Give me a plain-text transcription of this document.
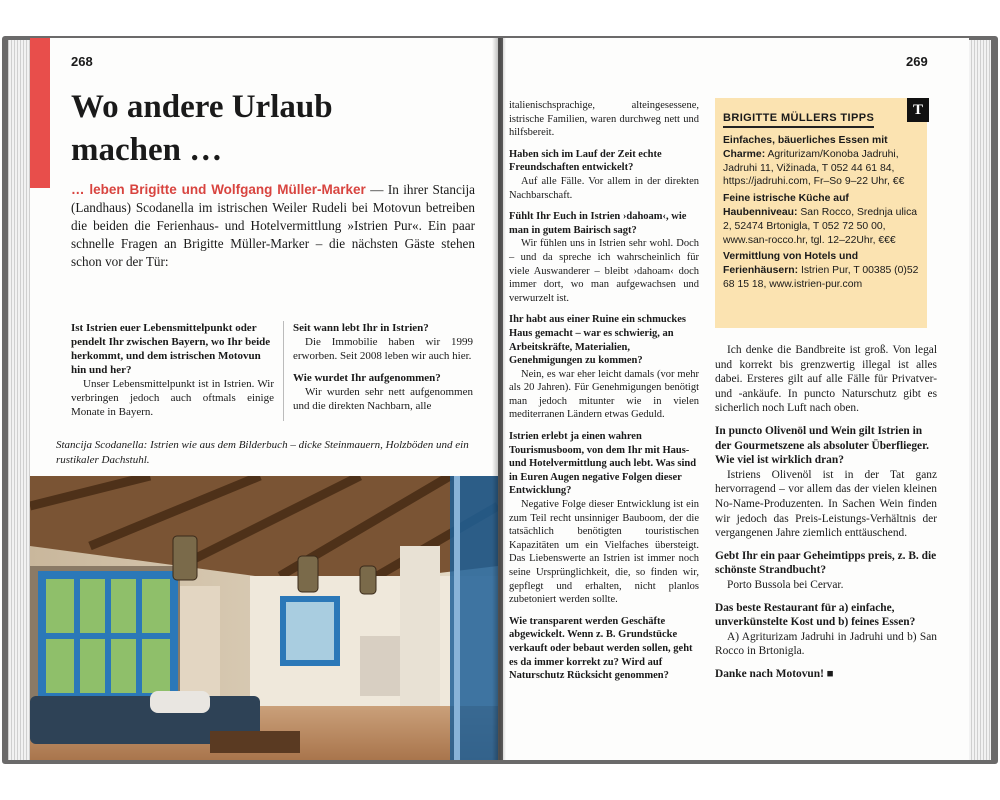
268
Wo andere Urlaub
machen …

… leben Brigitte und Wolfgang Müller-Marker — In ihrer Stancija (Landhaus) Scodanella im istrischen Weiler Rudeli bei Motovun betreiben die beiden die Ferienhaus- und Hotelvermittlung »Istrien Pur«. Ein paar schnelle Fragen an Brigitte Müller-Marker – die nächsten Gäste stehen schon vor der Tür:

Ist Istrien euer Lebensmittelpunkt oder pendelt Ihr zwischen Bayern, wo Ihr beide herkommt, und dem istrischen Motovun hin und her?

Unser Lebensmittelpunkt ist in Istrien. Wir verbringen jedoch auch oftmals einige Monate in Bayern.

Seit wann lebt Ihr in Istrien?

Die Immobilie haben wir 1999 erworben. Seit 2008 leben wir auch hier.

Wie wurdet Ihr aufgenommen?

Wir wurden sehr nett aufgenommen und die direkten Nachbarn, alle

Stancija Scodanella: Istrien wie aus dem Bilderbuch – dicke Steinmauern, Holzböden und ein rustikaler Dachstuhl.

269

italienischsprachige, alteingesessene, istrische Familien, waren durchweg nett und hilfsbereit.

Haben sich im Lauf der Zeit echte Freundschaften entwickelt?

Auf alle Fälle. Vor allem in der direkten Nachbarschaft.

Fühlt Ihr Euch in Istrien ›dahoam‹, wie man in gutem Bairisch sagt?

Wir fühlen uns in Istrien sehr wohl. Doch – und da spreche ich wahrscheinlich für viele Auswanderer – bleibt ›dahoam‹ doch immer dort, wo man aufgewachsen und verwurzelt ist.

Ihr habt aus einer Ruine ein schmuckes Haus gemacht – war es schwierig, an Arbeitskräfte, Materialien, Genehmigungen zu kommen?

Nein, es war eher leicht damals (vor mehr als 20 Jahren). Für Genehmigungen benötigt man jedoch mitunter wie in vielen mediterranen Ländern etwas Geduld.

Istrien erlebt ja einen wahren Tourismusboom, von dem Ihr mit Haus- und Hotelvermittlung auch lebt. Was sind in Euren Augen negative Folgen dieser Entwicklung?

Negative Folge dieser Entwicklung ist ein zum Teil recht unsinniger Bauboom, der die tatsächlich benötigten touristischen Kapazitäten um ein Vielfaches übersteigt. Das Liebenswerte an Istrien ist immer noch seine Ursprünglichkeit, die, so finden wir, gepflegt und erhalten, nicht planlos zubetoniert werden sollte.

Wie transparent werden Geschäfte abgewickelt. Wenn z. B. Grundstücke verkauft oder bebaut werden sollen, geht es da immer korrekt zu? Wird auf Naturschutz Rücksicht genommen?

T
BRIGITTE MÜLLERS TIPPS

Einfaches, bäuerliches Essen mit Charme: Agriturizam/Konoba Jadruhi, Jadruhi 11, Vižinada, T 052 44 61 84, https://jadruhi.com, Fr–So 9–22 Uhr, €€

Feine istrische Küche auf Haubenniveau: San Rocco, Srednja ulica 2, 52474 Brtonigla, T 052 72 50 00, www.san-rocco.hr, tgl. 12–22Uhr, €€€

Vermittlung von Hotels und Ferienhäusern: Istrien Pur, T 00385 (0)52 68 15 18, www.istrien-pur.com

Ich denke die Bandbreite ist groß. Von legal und korrekt bis grenzwertig illegal ist alles dabei. Ersteres gilt auf alle Fälle für Privatver- und -ankäufe. In puncto Naturschutz gibt es sicherlich noch Luft nach oben.

In puncto Olivenöl und Wein gilt Istrien in der Gourmetszene als absoluter Überflieger. Wie viel ist wirklich dran?

Istriens Olivenöl ist in der Tat ganz hervorragend – vor allem das der vielen kleinen No-Name-Produzenten. In Sachen Wein finden wir jedoch das Preis-Leistungs-Verhältnis der vergangenen Jahre ziemlich enttäuschend.

Gebt Ihr ein paar Geheimtipps preis, z. B. die schönste Strandbucht?

Porto Bussola bei Cervar.

Das beste Restaurant für a) einfache, unverkünstelte Kost und b) feines Essen?

A) Agriturizam Jadruhi in Jadruhi und b) San Rocco in Brtonigla.

Danke nach Motovun! ■
